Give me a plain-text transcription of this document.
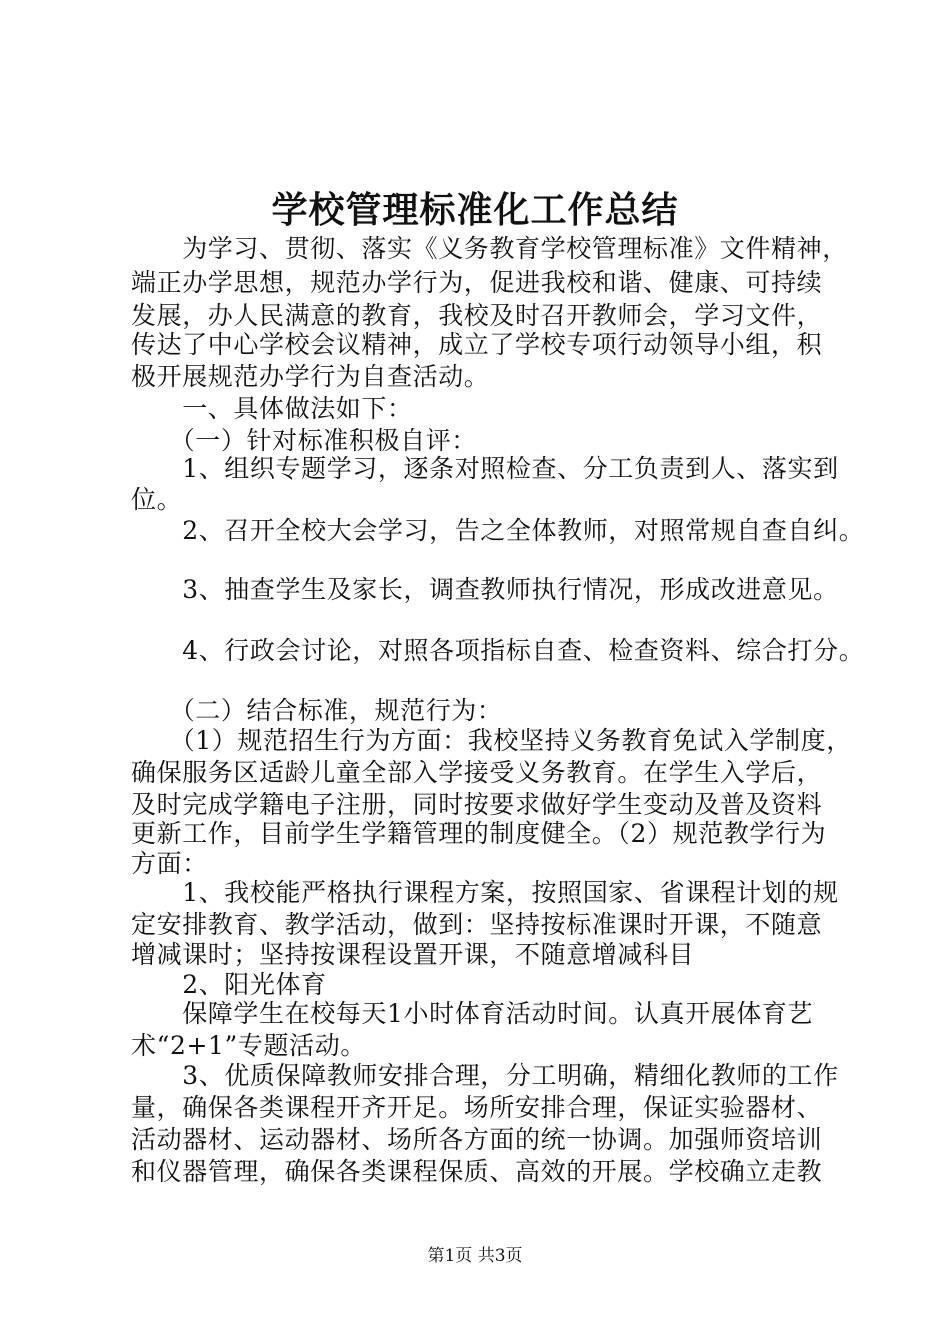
学校管理标准化工作总结
　　为学习、贯彻、落实《义务教育学校管理标准》文件精神，
端正办学思想，规范办学行为，促进我校和谐、健康、可持续
发展，办人民满意的教育，我校及时召开教师会，学习文件，
传达了中心学校会议精神，成立了学校专项行动领导小组，积
极开展规范办学行为自查活动。
　　一、具体做法如下：
　　（一）针对标准积极自评：
　　1、组织专题学习，逐条对照检查、分工负责到人、落实到
位。
　　2、召开全校大会学习，告之全体教师，对照常规自查自纠。
　　3、抽查学生及家长，调查教师执行情况，形成改进意见。
　　4、行政会讨论，对照各项指标自查、检查资料、综合打分。
　　（二）结合标准，规范行为：
　　（1）规范招生行为方面：我校坚持义务教育免试入学制度，
确保服务区适龄儿童全部入学接受义务教育。在学生入学后，
及时完成学籍电子注册，同时按要求做好学生变动及普及资料
更新工作，目前学生学籍管理的制度健全。（2）规范教学行为
方面：
　　1、我校能严格执行课程方案，按照国家、省课程计划的规
定安排教育、教学活动，做到：坚持按标准课时开课，不随意
增减课时；坚持按课程设置开课，不随意增减科目
　　2、阳光体育
　　保障学生在校每天1小时体育活动时间。认真开展体育艺
术“2+1”专题活动。
　　3、优质保障教师安排合理，分工明确，精细化教师的工作
量，确保各类课程开齐开足。场所安排合理，保证实验器材、
活动器材、运动器材、场所各方面的统一协调。加强师资培训
和仪器管理，确保各类课程保质、高效的开展。学校确立走教
第1页 共3页
